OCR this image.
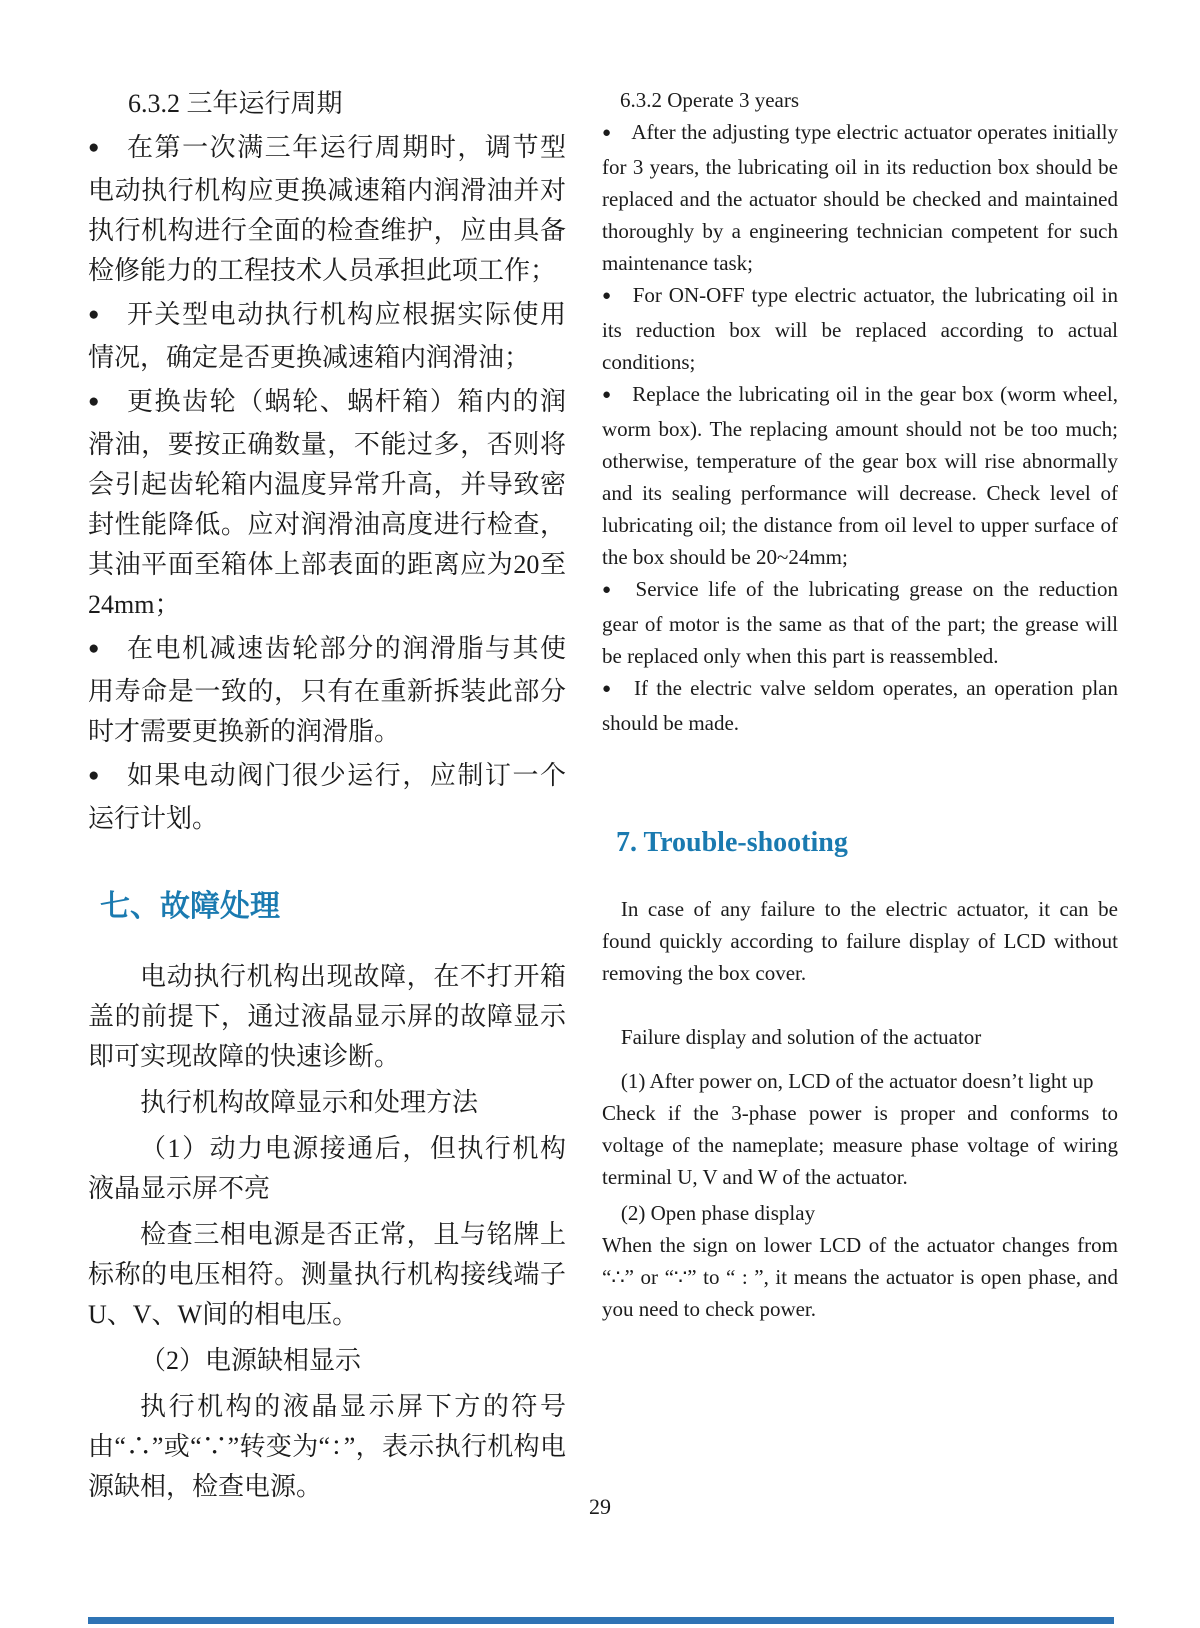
6.3.2 三年运行周期

● 在第一次满三年运行周期时，调节型电动执行机构应更换减速箱内润滑油并对执行机构进行全面的检查维护，应由具备检修能力的工程技术人员承担此项工作；

● 开关型电动执行机构应根据实际使用情况，确定是否更换减速箱内润滑油；

● 更换齿轮（蜗轮、蜗杆箱）箱内的润滑油，要按正确数量，不能过多，否则将会引起齿轮箱内温度异常升高，并导致密封性能降低。应对润滑油高度进行检查，其油平面至箱体上部表面的距离应为20至24mm；

● 在电机减速齿轮部分的润滑脂与其使用寿命是一致的，只有在重新拆装此部分时才需要更换新的润滑脂。

● 如果电动阀门很少运行，应制订一个运行计划。

七、故障处理

电动执行机构出现故障，在不打开箱盖的前提下，通过液晶显示屏的故障显示即可实现故障的快速诊断。

执行机构故障显示和处理方法

（1）动力电源接通后，但执行机构液晶显示屏不亮

检查三相电源是否正常，且与铭牌上标称的电压相符。测量执行机构接线端子U、V、W间的相电压。

（2）电源缺相显示

执行机构的液晶显示屏下方的符号由“∴”或“∵”转变为“：”，表示执行机构电源缺相，检查电源。

6.3.2 Operate 3 years

● After the adjusting type electric actuator operates initially for 3 years, the lubricating oil in its reduction box should be replaced and the actuator should be checked and maintained thoroughly by a engineering technician competent for such maintenance task;

● For ON-OFF type electric actuator, the lubricating oil in its reduction box will be replaced according to actual conditions;

● Replace the lubricating oil in the gear box (worm wheel, worm box). The replacing amount should not be too much; otherwise, temperature of the gear box will rise abnormally and its sealing performance will decrease. Check level of lubricating oil; the distance from oil level to upper surface of the box should be 20~24mm;

● Service life of the lubricating grease on the reduction gear of motor is the same as that of the part; the grease will be replaced only when this part is reassembled.

● If the electric valve seldom operates, an operation plan should be made.

7. Trouble-shooting

In case of any failure to the electric actuator, it can be found quickly according to failure display of LCD without removing the box cover.

Failure display and solution of the actuator

(1) After power on, LCD of the actuator doesn’t light up

Check if the 3-phase power is proper and conforms to voltage of the nameplate; measure phase voltage of wiring terminal U, V and W of the actuator.

(2) Open phase display

When the sign on lower LCD of the actuator changes from “∴” or “∵” to “ : ”, it means the actuator is open phase, and you need to check power.

29
